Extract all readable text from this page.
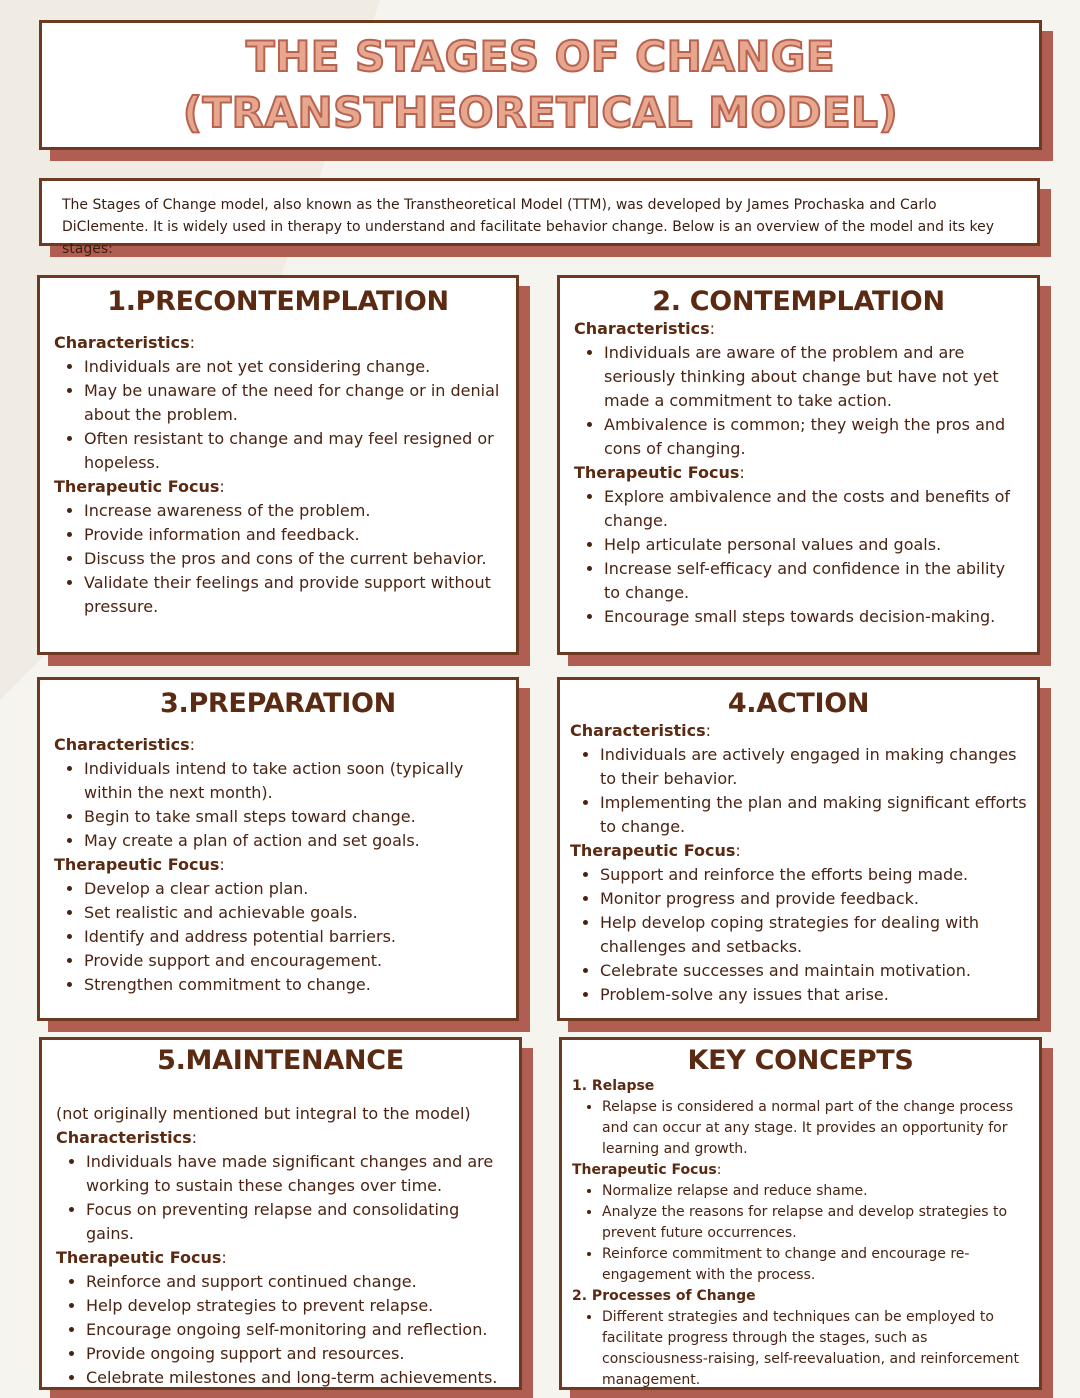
THE STAGES OF CHANGE
(TRANSTHEORETICAL MODEL)
The Stages of Change model, also known as the Transtheoretical Model (TTM), was developed by James Prochaska and Carlo DiClemente. It is widely used in therapy to understand and facilitate behavior change. Below is an overview of the model and its key stages:
1.PRECONTEMPLATION
Characteristics:
• Individuals are not yet considering change.
• May be unaware of the need for change or in denial about the problem.
• Often resistant to change and may feel resigned or hopeless.
Therapeutic Focus:
• Increase awareness of the problem.
• Provide information and feedback.
• Discuss the pros and cons of the current behavior.
• Validate their feelings and provide support without pressure.
2. CONTEMPLATION
Characteristics:
• Individuals are aware of the problem and are seriously thinking about change but have not yet made a commitment to take action.
• Ambivalence is common; they weigh the pros and cons of changing.
Therapeutic Focus:
• Explore ambivalence and the costs and benefits of change.
• Help articulate personal values and goals.
• Increase self-efficacy and confidence in the ability to change.
• Encourage small steps towards decision-making.
3.PREPARATION
Characteristics:
• Individuals intend to take action soon (typically within the next month).
• Begin to take small steps toward change.
• May create a plan of action and set goals.
Therapeutic Focus:
• Develop a clear action plan.
• Set realistic and achievable goals.
• Identify and address potential barriers.
• Provide support and encouragement.
• Strengthen commitment to change.
4.ACTION
Characteristics:
• Individuals are actively engaged in making changes to their behavior.
• Implementing the plan and making significant efforts to change.
Therapeutic Focus:
• Support and reinforce the efforts being made.
• Monitor progress and provide feedback.
• Help develop coping strategies for dealing with challenges and setbacks.
• Celebrate successes and maintain motivation.
• Problem-solve any issues that arise.
5.MAINTENANCE
(not originally mentioned but integral to the model)
Characteristics:
• Individuals have made significant changes and are working to sustain these changes over time.
• Focus on preventing relapse and consolidating gains.
Therapeutic Focus:
• Reinforce and support continued change.
• Help develop strategies to prevent relapse.
• Encourage ongoing self-monitoring and reflection.
• Provide ongoing support and resources.
• Celebrate milestones and long-term achievements.
KEY CONCEPTS
1. Relapse
• Relapse is considered a normal part of the change process and can occur at any stage. It provides an opportunity for learning and growth.
Therapeutic Focus:
• Normalize relapse and reduce shame.
• Analyze the reasons for relapse and develop strategies to prevent future occurrences.
• Reinforce commitment to change and encourage re-engagement with the process.
2. Processes of Change
• Different strategies and techniques can be employed to facilitate progress through the stages, such as consciousness-raising, self-reevaluation, and reinforcement management.
